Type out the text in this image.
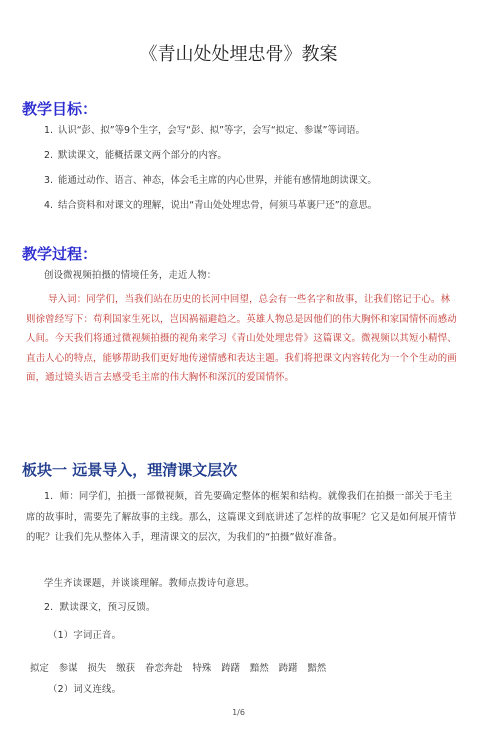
《青山处处埋忠骨》教案
教学目标：
1. 认识“彭、拟”等9个生字，会写“彭、拟”等字，会写“拟定、参谋”等词语。
2. 默读课文，能概括课文两个部分的内容。
3. 能通过动作、语言、神态，体会毛主席的内心世界，并能有感情地朗读课文。
4. 结合资料和对课文的理解，说出“青山处处埋忠骨，何须马革裹尸还”的意思。
教学过程：
创设微视频拍摄的情境任务，走近人物：
导入词：同学们，当我们站在历史的长河中回望，总会有一些名字和故事，让我们铭记于心。林则徐曾经写下：苟利国家生死以，岂因祸福避趋之。英雄人物总是因他们的伟大胸怀和家国情怀而感动人间。今天我们将通过微视频拍摄的视角来学习《青山处处埋忠骨》这篇课文。微视频以其短小精悍、直击人心的特点，能够帮助我们更好地传递情感和表达主题。我们将把课文内容转化为一个个生动的画面，通过镜头语言去感受毛主席的伟大胸怀和深沉的爱国情怀。
板块一 远景导入，理清课文层次
1．师：同学们，拍摄一部微视频，首先要确定整体的框架和结构。就像我们在拍摄一部关于毛主席的故事时，需要先了解故事的主线。那么，这篇课文到底讲述了怎样的故事呢？它又是如何展开情节的呢？让我们先从整体入手，理清课文的层次，为我们的“拍摄”做好准备。
学生齐读课题，并谈谈理解。教师点拨诗句意思。
2．默读课文，预习反馈。
（1）字词正音。
拟定 参谋 损失 缴获 眷恋奔赴 特殊 踌躇 黯然 踌躇 黯然
（2）词义连线。
1/6
